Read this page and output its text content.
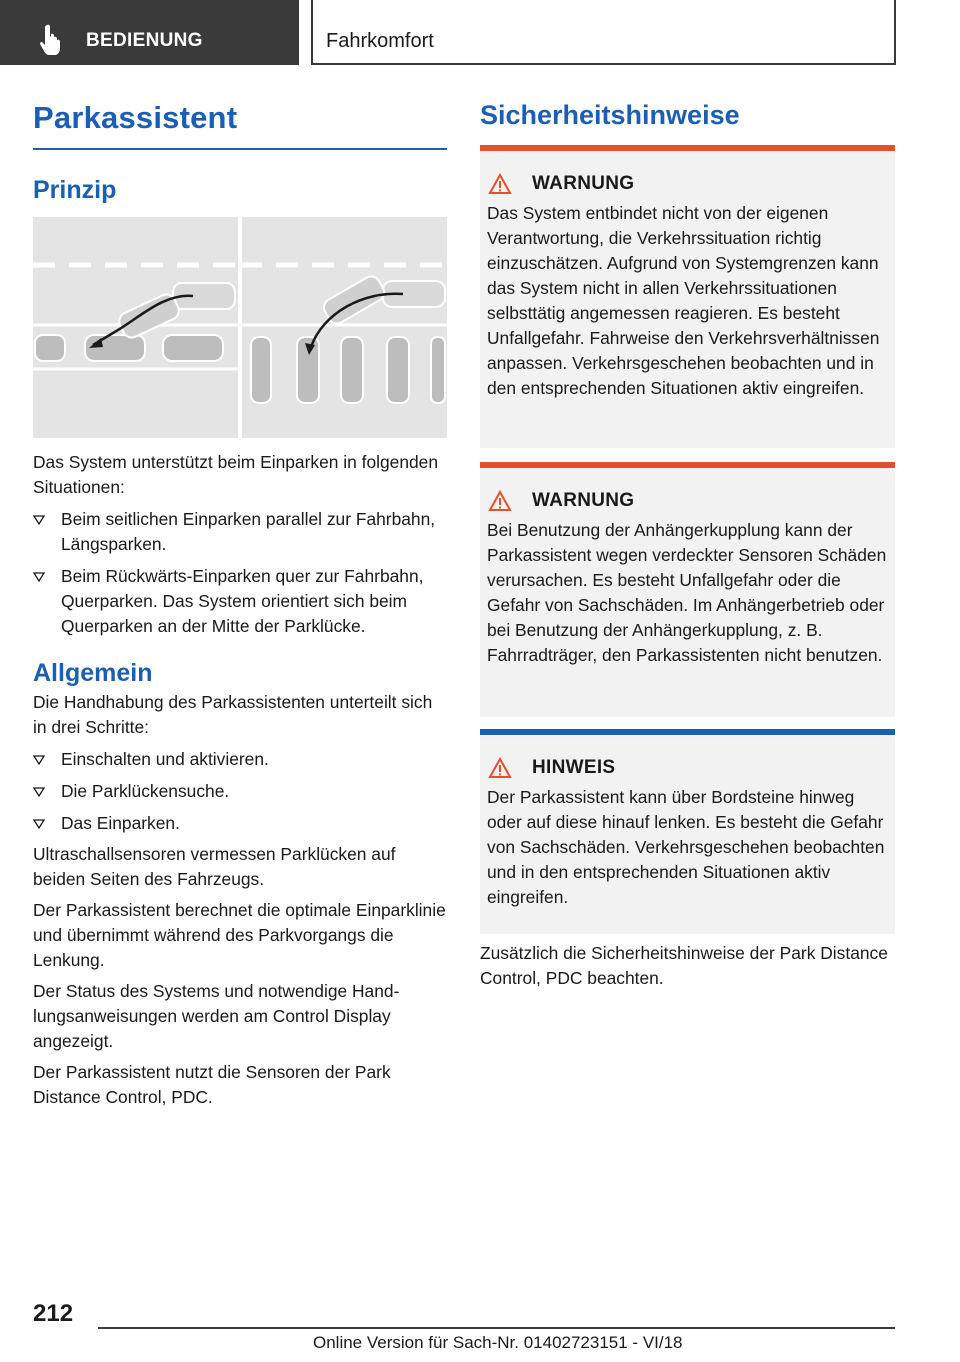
BEDIENUNG	Fahrkomfort
Parkassistent
Prinzip

Das System unterstützt beim Einparken in folgenden Situationen:

Beim seitlichen Einparken parallel zur Fahrbahn, Längsparken.
Beim Rückwärts-Einparken quer zur Fahrbahn, Querparken. Das System orientiert sich beim Querparken an der Mitte der Parklücke.
Allgemein

Die Handhabung des Parkassistenten unterteilt sich in drei Schritte:

Einschalten und aktivieren.
Die Parklückensuche.
Das Einparken.

Ultraschallsensoren vermessen Parklücken auf beiden Seiten des Fahrzeugs.

Der Parkassistent berechnet die optimale Einparklinie und übernimmt während des Parkvorgangs die Lenkung.

Der Status des Systems und notwendige Handlungsanweisungen werden am Control Display angezeigt.

Der Parkassistent nutzt die Sensoren der Park Distance Control, PDC.

Sicherheitshinweise
WARNUNG
Das System entbindet nicht von der eigenen Verantwortung, die Verkehrssituation richtig einzuschätzen. Aufgrund von Systemgrenzen kann das System nicht in allen Verkehrssituationen selbsttätig angemessen reagieren. Es besteht Unfallgefahr. Fahrweise den Verkehrsverhältnissen anpassen. Verkehrsgeschehen beobachten und in den entsprechenden Situationen aktiv eingreifen.
WARNUNG
Bei Benutzung der Anhängerkupplung kann der Parkassistent wegen verdeckter Sensoren Schäden verursachen. Es besteht Unfallgefahr oder die Gefahr von Sachschäden. Im Anhängerbetrieb oder bei Benutzung der Anhängerkupplung, z. B. Fahrradträger, den Parkassistenten nicht benutzen.
HINWEIS
Der Parkassistent kann über Bordsteine hinweg oder auf diese hinauf lenken. Es besteht die Gefahr von Sachschäden. Verkehrsgeschehen beobachten und in den entsprechenden Situationen aktiv eingreifen.

Zusätzlich die Sicherheitshinweise der Park Distance Control, PDC beachten.

212
Online Version für Sach-Nr. 01402723151 - VI/18
